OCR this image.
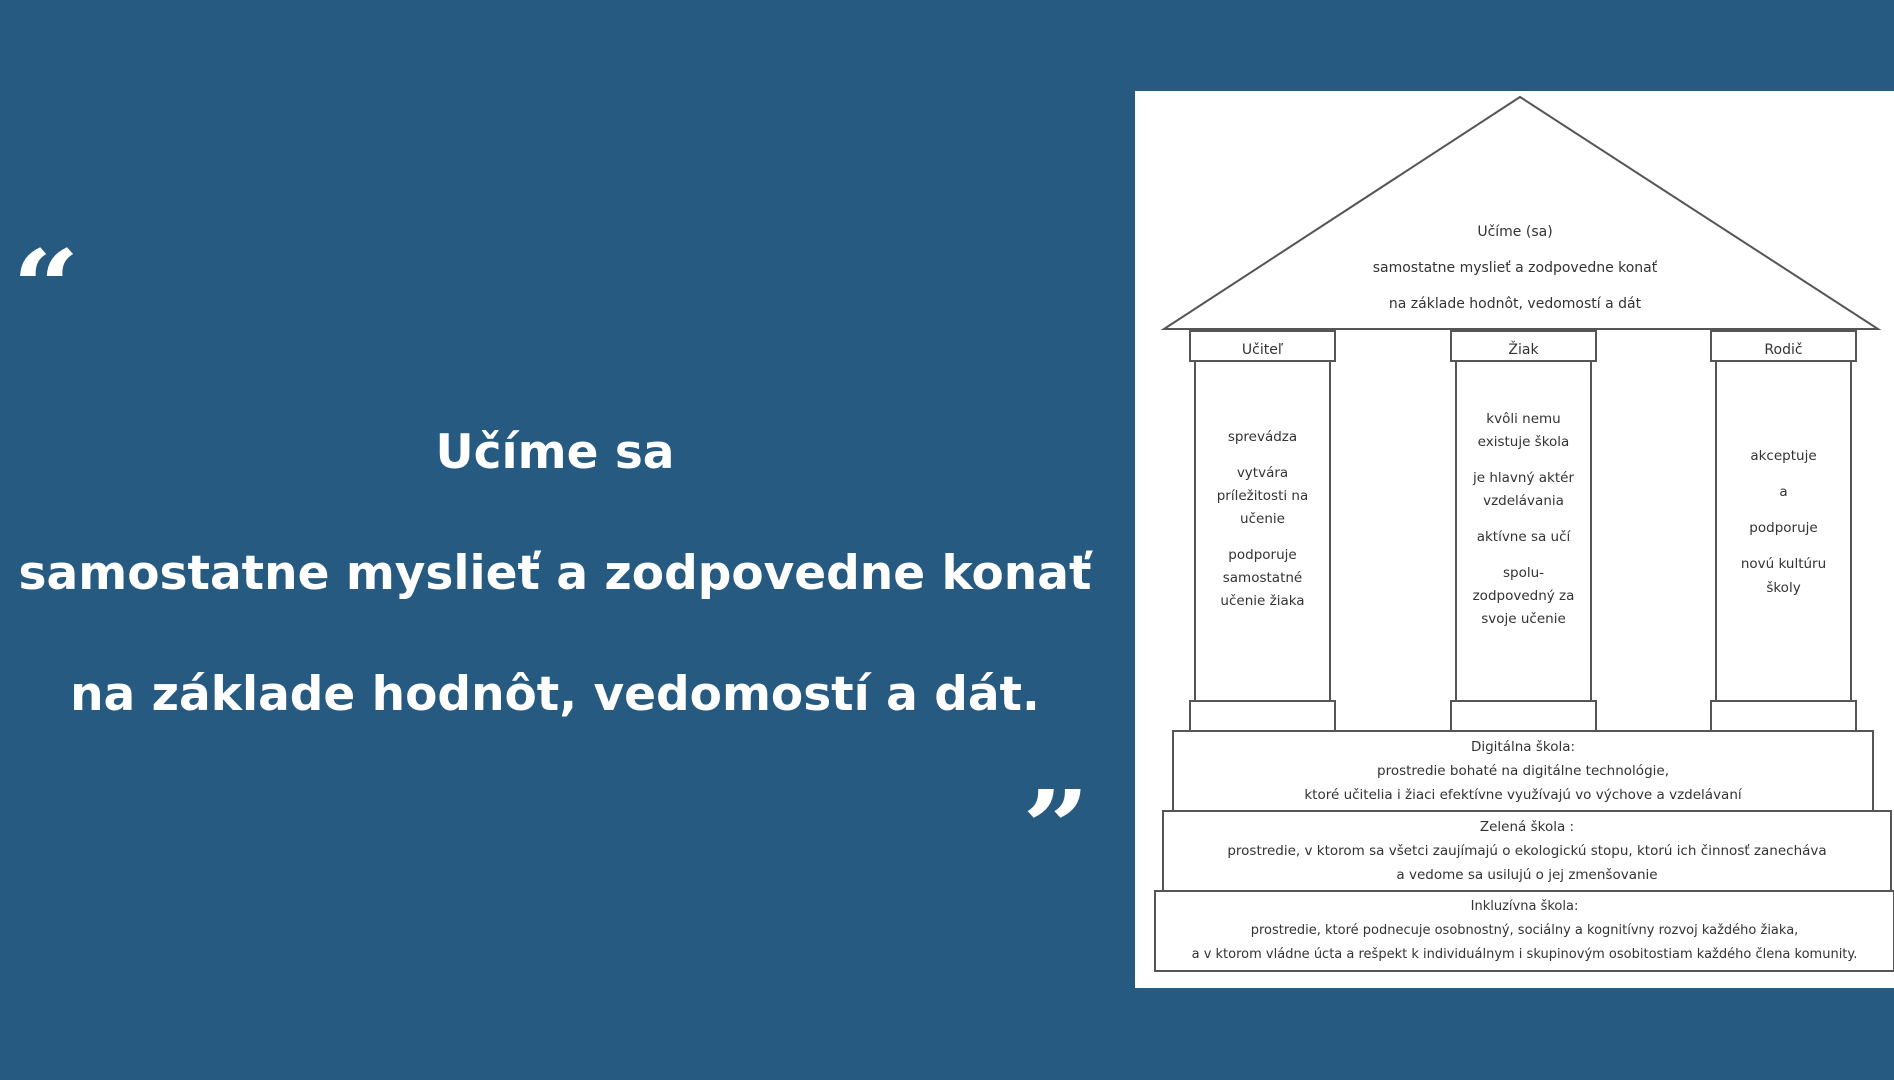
“
”
Učíme sa
samostatne myslieť a zodpovedne konať
na základe hodnôt, vedomostí a dát.
Učíme (sa)
samostatne myslieť a zodpovedne konať
na základe hodnôt, vedomostí a dát
Učiteľ	Žiak	Rodič
sprevádza
vytvára príležitosti na učenie
podporuje samostatné učenie žiaka
kvôli nemu existuje škola
je hlavný aktér vzdelávania
aktívne sa učí
spolu-zodpovedný za svoje učenie
akceptuje
a
podporuje
novú kultúru školy
Digitálna škola:
prostredie bohaté na digitálne technológie,
ktoré učitelia i žiaci efektívne využívajú vo výchove a vzdelávaní
Zelená škola :
prostredie, v ktorom sa všetci zaujímajú o ekologickú stopu, ktorú ich činnosť zanecháva
a vedome sa usilujú o jej zmenšovanie
Inkluzívna škola:
prostredie, ktoré podnecuje osobnostný, sociálny a kognitívny rozvoj každého žiaka,
a v ktorom vládne úcta a rešpekt k individuálnym i skupinovým osobitostiam každého člena komunity.
